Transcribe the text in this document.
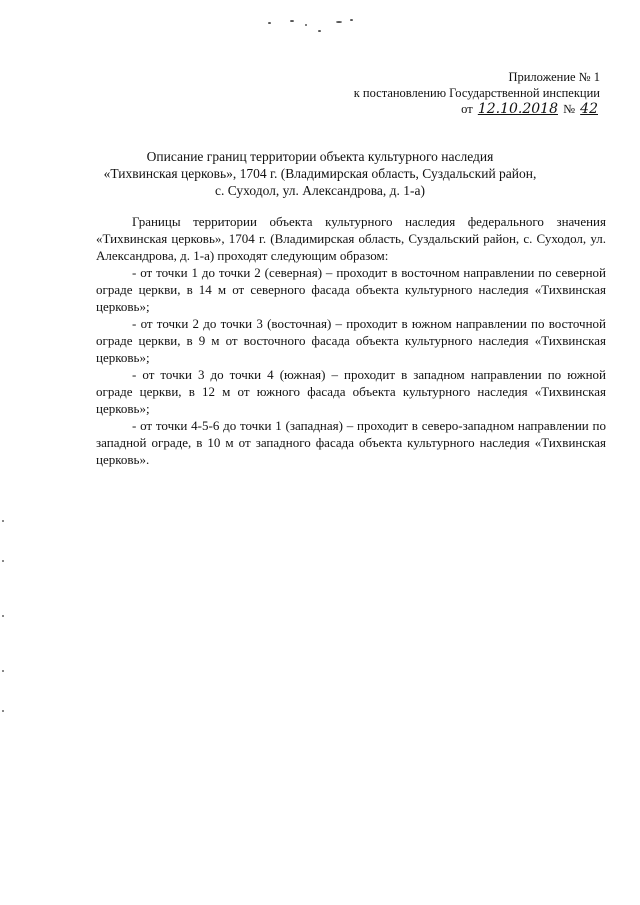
Приложение № 1
к постановлению Государственной инспекции
от 12.10.2018 № 42
Описание границ территории объекта культурного наследия
«Тихвинская церковь», 1704 г. (Владимирская область, Суздальский район,
с. Суходол, ул. Александрова, д. 1-а)

Границы территории объекта культурного наследия федерального значения «Тихвинская церковь», 1704 г. (Владимирская область, Суздальский район, с. Суходол, ул. Александрова, д. 1-а) проходят следующим образом:

- от точки 1 до точки 2 (северная) – проходит в восточном направлении по северной ограде церкви, в 14 м от северного фасада объекта культурного наследия «Тихвинская церковь»;

- от точки 2 до точки 3 (восточная) – проходит в южном направлении по восточной ограде церкви, в 9 м от восточного фасада объекта культурного наследия «Тихвинская церковь»;

- от точки 3 до точки 4 (южная) – проходит в западном направлении по южной ограде церкви, в 12 м от южного фасада объекта культурного наследия «Тихвинская церковь»;

- от точки 4-5-6 до точки 1 (западная) – проходит в северо-западном направлении по западной ограде, в 10 м от западного фасада объекта культурного наследия «Тихвинская церковь».
